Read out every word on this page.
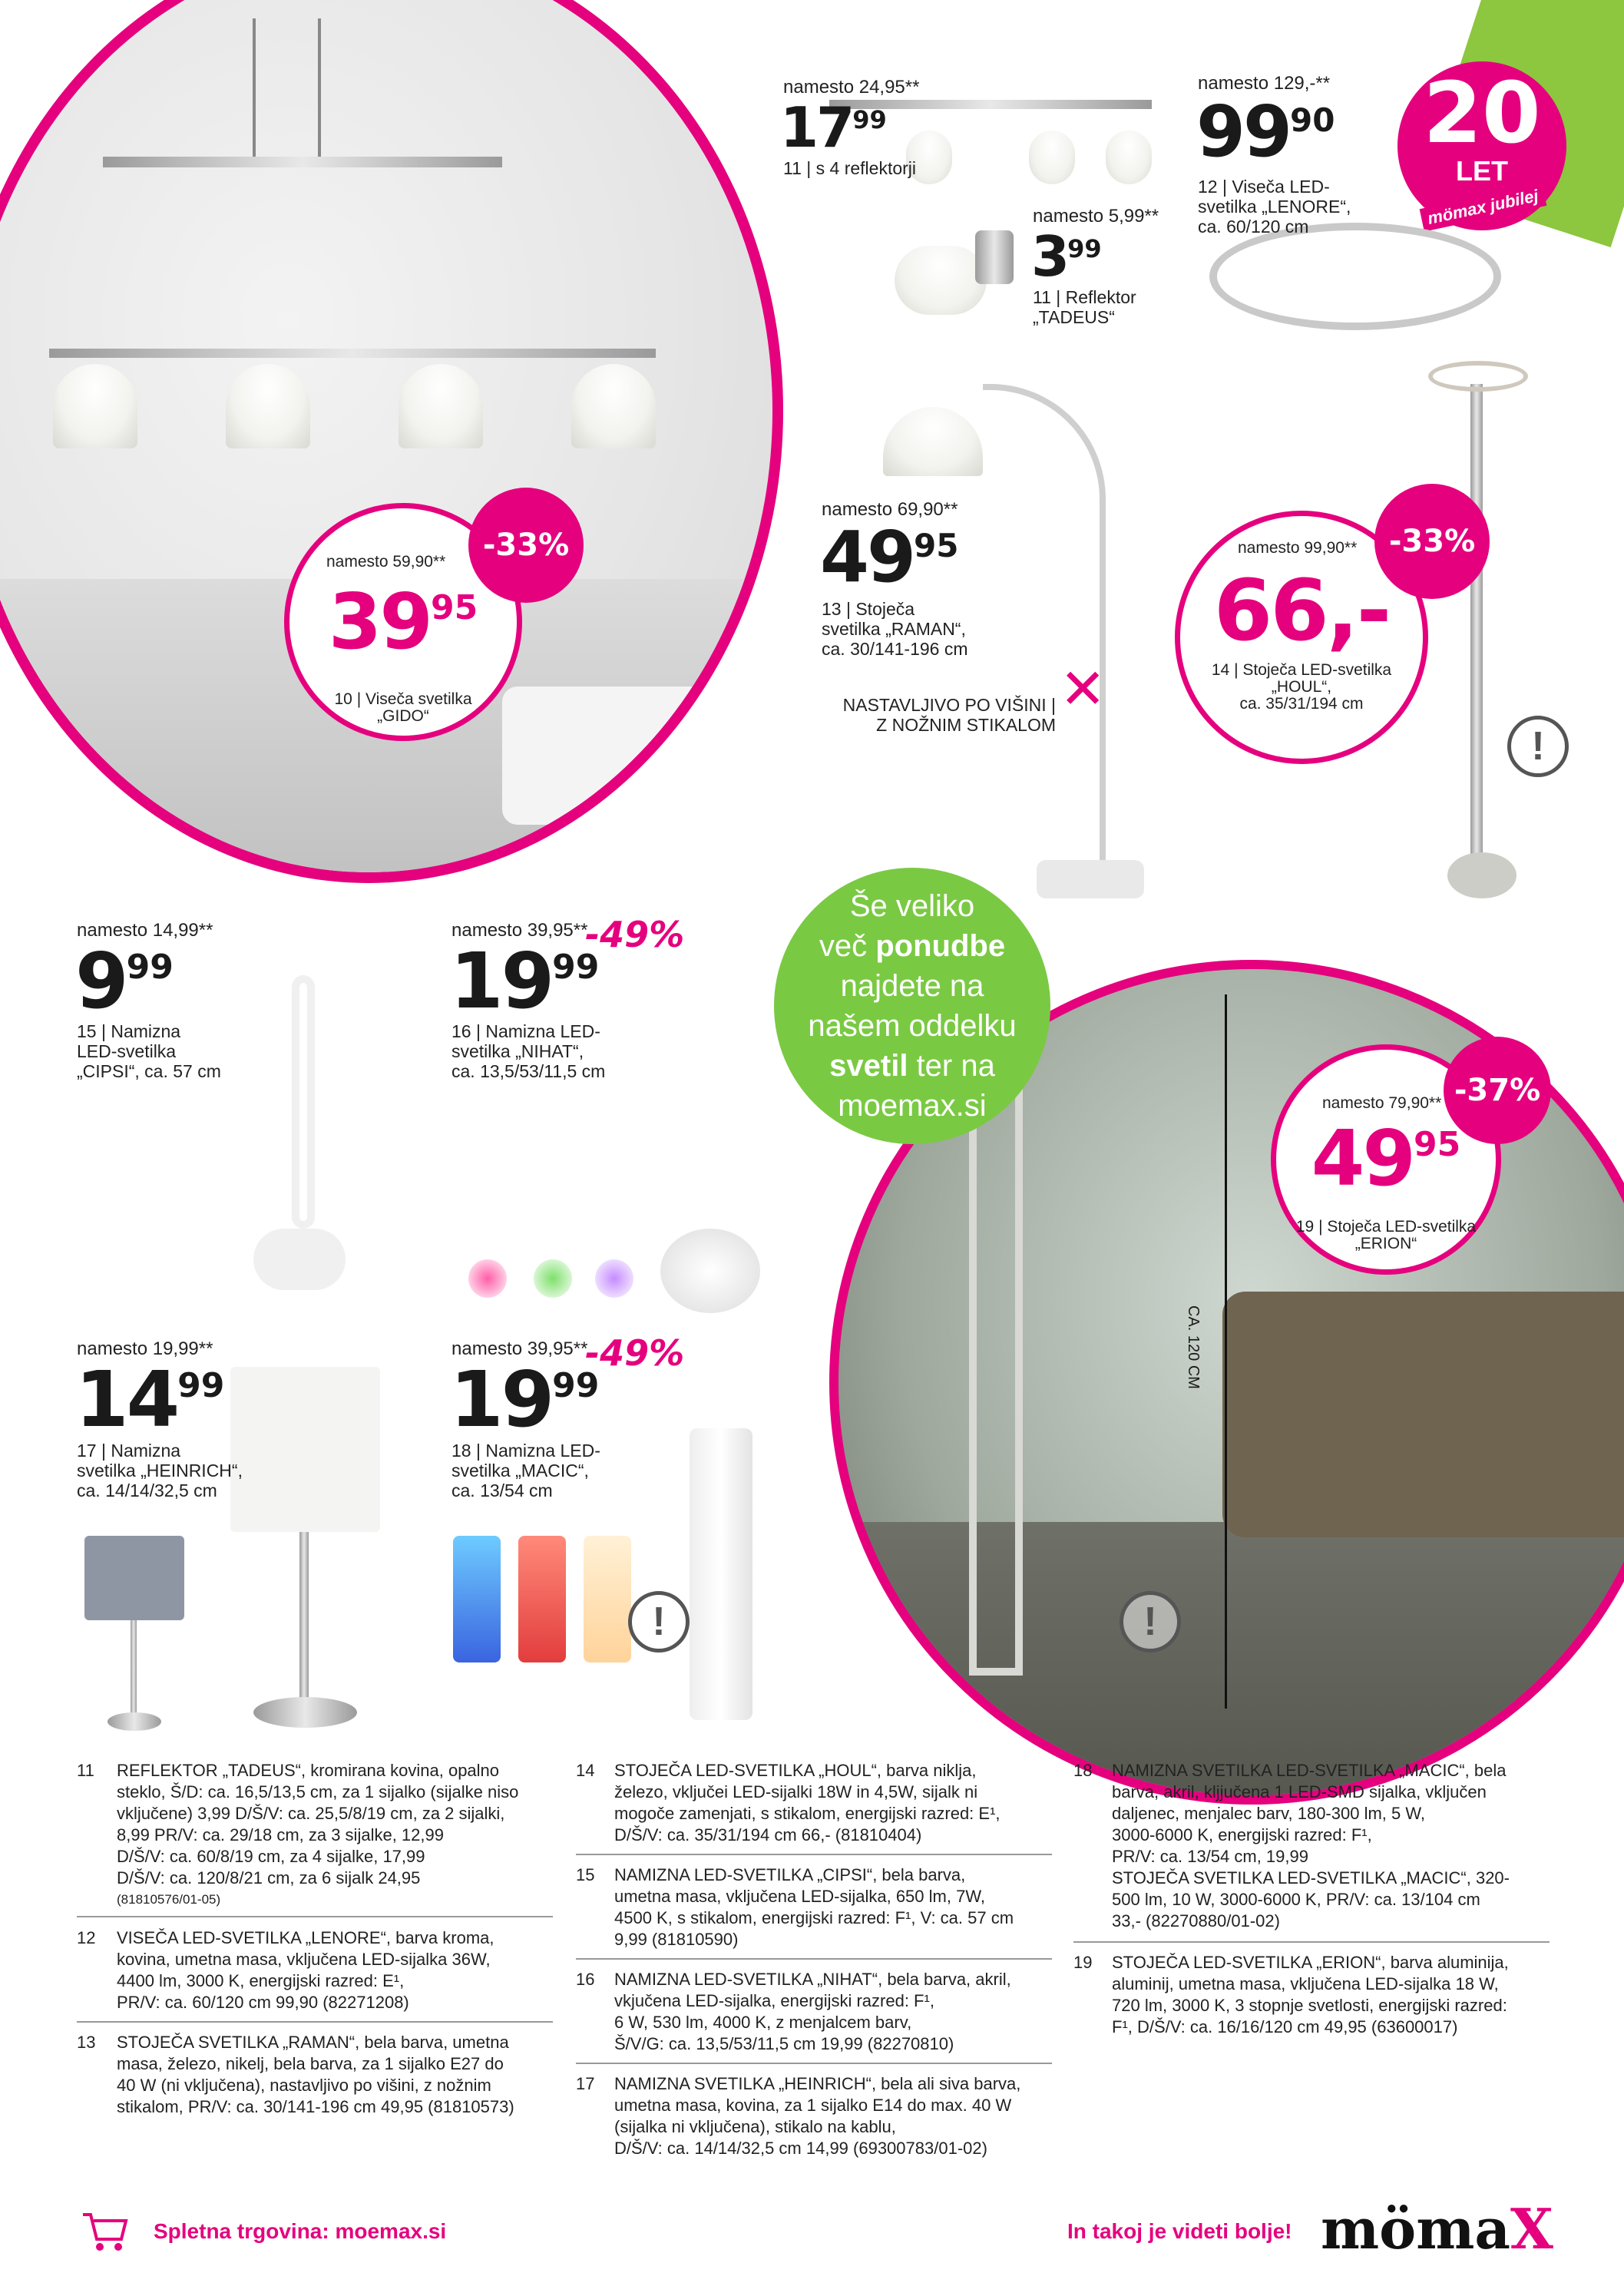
20
LET
mömax jubilej
namesto 24,95**
$17^{99}$
11 | s 4 reflektorji
namesto 5,99**
$3^{99}$
11 | Reflektor
„TADEUS“
namesto 129,-**
$99^{90}$
12 | Viseča LED-
svetilka „LENORE“,
ca. 60/120 cm
namesto 59,90**
$39^{95}$
10 | Viseča svetilka
„GIDO“
-33%
namesto 69,90**
$49^{95}$
13 | Stoječa
svetilka „RAMAN“,
ca. 30/141-196 cm
NASTAVLJIVO PO VIŠINI |
Z NOŽNIM STIKALOM
✕
namesto 99,90**
66,-
14 | Stoječa LED-svetilka
„HOUL“,
ca. 35/31/194 cm
-33%
!
Še veliko
več ponudbe
najdete na
našem oddelku
svetil ter na
moemax.si
namesto 14,99**
$9^{99}$
15 | Namizna
LED-svetilka
„CIPSI“, ca. 57 cm
namesto 39,95**
$19^{99}$
-49%
16 | Namizna LED-
svetilka „NIHAT“,
ca. 13,5/53/11,5 cm
namesto 19,99**
$14^{99}$
17 | Namizna
svetilka „HEINRICH“,
ca. 14/14/32,5 cm
!
namesto 39,95**
$19^{99}$
-49%
18 | Namizna LED-
svetilka „MACIC“,
ca. 13/54 cm
CA. 120 CM
!
namesto 79,90**
$49^{95}$
19 | Stoječa LED-svetilka
„ERION“
-37%
11 REFLEKTOR „TADEUS“, kromirana kovina, opalno
steklo, Š/D: ca. 16,5/13,5 cm, za 1 sijalko (sijalke niso
vključene) 3,99 D/Š/V: ca. 25,5/8/19 cm, za 2 sijalki,
8,99 PR/V: ca. 29/18 cm, za 3 sijalke, 12,99
D/Š/V: ca. 60/8/19 cm, za 4 sijalke, 17,99
D/Š/V: ca. 120/8/21 cm, za 6 sijalk 24,95
(81810576/01-05)
12 VISEČA LED-SVETILKA „LENORE“, barva kroma,
kovina, umetna masa, vključena LED-sijalka 36W,
4400 lm, 3000 K, energijski razred: E¹,
PR/V: ca. 60/120 cm 99,90 (82271208)
13 STOJEČA SVETILKA „RAMAN“, bela barva, umetna
masa, železo, nikelj, bela barva, za 1 sijalko E27 do
40 W (ni vključena), nastavljivo po višini, z nožnim
stikalom, PR/V: ca. 30/141-196 cm 49,95 (81810573)
14 STOJEČA LED-SVETILKA „HOUL“, barva niklja,
železo, vključei LED-sijalki 18W in 4,5W, sijalk ni
mogoče zamenjati, s stikalom, energijski razred: E¹,
D/Š/V: ca. 35/31/194 cm 66,- (81810404)
15 NAMIZNA LED-SVETILKA „CIPSI“, bela barva,
umetna masa, vključena LED-sijalka, 650 lm, 7W,
4500 K, s stikalom, energijski razred: F¹, V: ca. 57 cm
9,99 (81810590)
16 NAMIZNA LED-SVETILKA „NIHAT“, bela barva, akril,
vkjučena LED-sijalka, energijski razred: F¹,
6 W, 530 lm, 4000 K, z menjalcem barv,
Š/V/G: ca. 13,5/53/11,5 cm 19,99 (82270810)
17 NAMIZNA SVETILKA „HEINRICH“, bela ali siva barva,
umetna masa, kovina, za 1 sijalko E14 do max. 40 W
(sijalka ni vključena), stikalo na kablu,
D/Š/V: ca. 14/14/32,5 cm 14,99 (69300783/01-02)
18 NAMIZNA SVETILKA LED-SVETILKA „MACIC“, bela
barva, akril, kljjučena 1 LED-SMD sijalka, vključen
daljenec, menjalec barv, 180-300 lm, 5 W,
3000-6000 K, energijski razred: F¹,
PR/V: ca. 13/54 cm, 19,99
STOJEČA SVETILKA LED-SVETILKA „MACIC“, 320-
500 lm, 10 W, 3000-6000 K, PR/V: ca. 13/104 cm
33,- (82270880/01-02)
19 STOJEČA LED-SVETILKA „ERION“, barva aluminija,
aluminij, umetna masa, vključena LED-sijalka 18 W,
720 lm, 3000 K, 3 stopnje svetlosti, energijski razred:
F¹, D/Š/V: ca. 16/16/120 cm 49,95 (63600017)
Spletna trgovina: moemax.si	In takoj je videti bolje! mömaX
